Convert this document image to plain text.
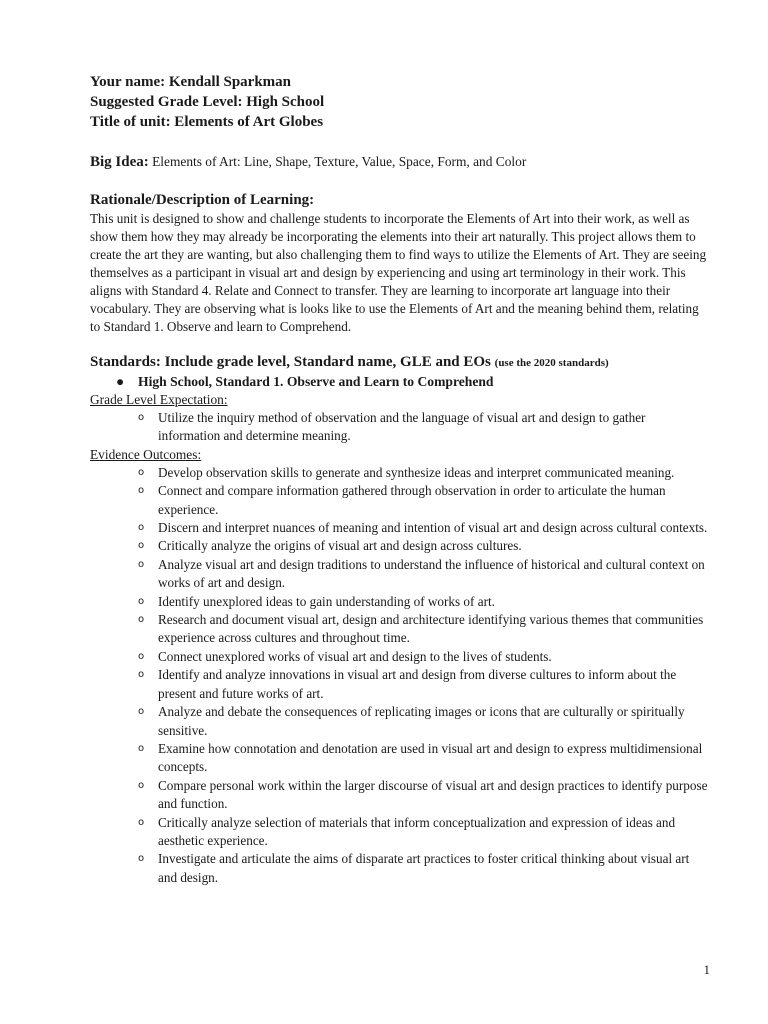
Your name: Kendall Sparkman
Suggested Grade Level: High School
Title of unit: Elements of Art Globes
Big Idea: Elements of Art: Line, Shape, Texture, Value, Space, Form, and Color
Rationale/Description of Learning:

This unit is designed to show and challenge students to incorporate the Elements of Art into their work, as well as show them how they may already be incorporating the elements into their art naturally. This project allows them to create the art they are wanting, but also challenging them to find ways to utilize the Elements of Art. They are seeing themselves as a participant in visual art and design by experiencing and using art terminology in their work. This aligns with Standard 4. Relate and Connect to transfer. They are learning to incorporate art language into their vocabulary. They are observing what is looks like to use the Elements of Art and the meaning behind them, relating to Standard 1. Observe and learn to Comprehend.

Standards: Include grade level, Standard name, GLE and EOs (use the 2020 standards)
● High School, Standard 1. Observe and Learn to Comprehend
Grade Level Expectation:
o Utilize the inquiry method of observation and the language of visual art and design to gather information and determine meaning.
Evidence Outcomes:
o Develop observation skills to generate and synthesize ideas and interpret communicated meaning.
o Connect and compare information gathered through observation in order to articulate the human experience.
o Discern and interpret nuances of meaning and intention of visual art and design across cultural contexts.
o Critically analyze the origins of visual art and design across cultures.
o Analyze visual art and design traditions to understand the influence of historical and cultural context on works of art and design.
o Identify unexplored ideas to gain understanding of works of art.
o Research and document visual art, design and architecture identifying various themes that communities experience across cultures and throughout time.
o Connect unexplored works of visual art and design to the lives of students.
o Identify and analyze innovations in visual art and design from diverse cultures to inform about the present and future works of art.
o Analyze and debate the consequences of replicating images or icons that are culturally or spiritually sensitive.
o Examine how connotation and denotation are used in visual art and design to express multidimensional concepts.
o Compare personal work within the larger discourse of visual art and design practices to identify purpose and function.
o Critically analyze selection of materials that inform conceptualization and expression of ideas and aesthetic experience.
o Investigate and articulate the aims of disparate art practices to foster critical thinking about visual art and design.
1
